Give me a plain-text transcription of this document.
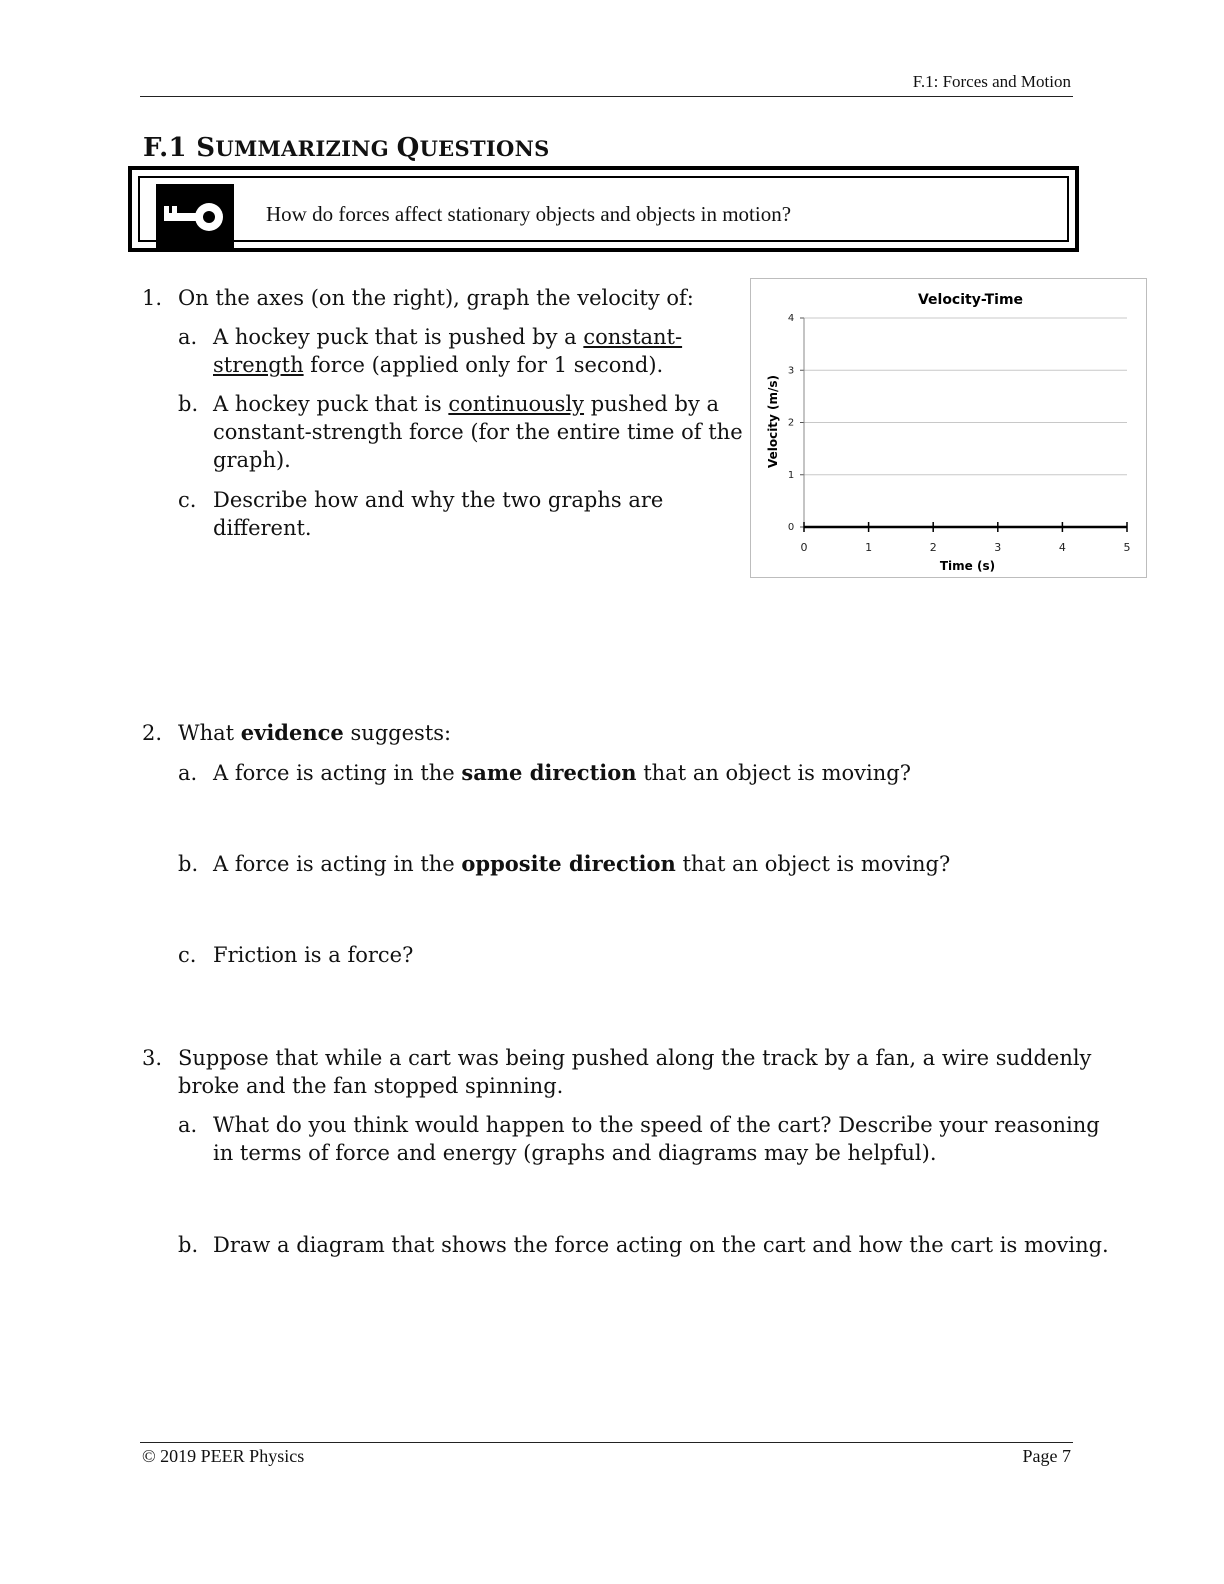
F.1: Forces and Motion
F.1 SUMMARIZING QUESTIONS
How do forces affect stationary objects and objects in motion?
1. On the axes (on the right), graph the velocity of:
a. A hockey puck that is pushed by a constant-
strength force (applied only for 1 second).
b. A hockey puck that is continuously pushed by a
constant-strength force (for the entire time of the
graph).
c. Describe how and why the two graphs are
different.
Velocity-Time
0
1
2
3
4
0	1	2	3	4	5
Time (s)
Velocity (m/s)
2. What evidence suggests:
a. A force is acting in the same direction that an object is moving?
b. A force is acting in the opposite direction that an object is moving?
c. Friction is a force?
3. Suppose that while a cart was being pushed along the track by a fan, a wire suddenly
broke and the fan stopped spinning.
a. What do you think would happen to the speed of the cart? Describe your reasoning
in terms of force and energy (graphs and diagrams may be helpful).
b. Draw a diagram that shows the force acting on the cart and how the cart is moving.
© 2019 PEER Physics	Page 7
